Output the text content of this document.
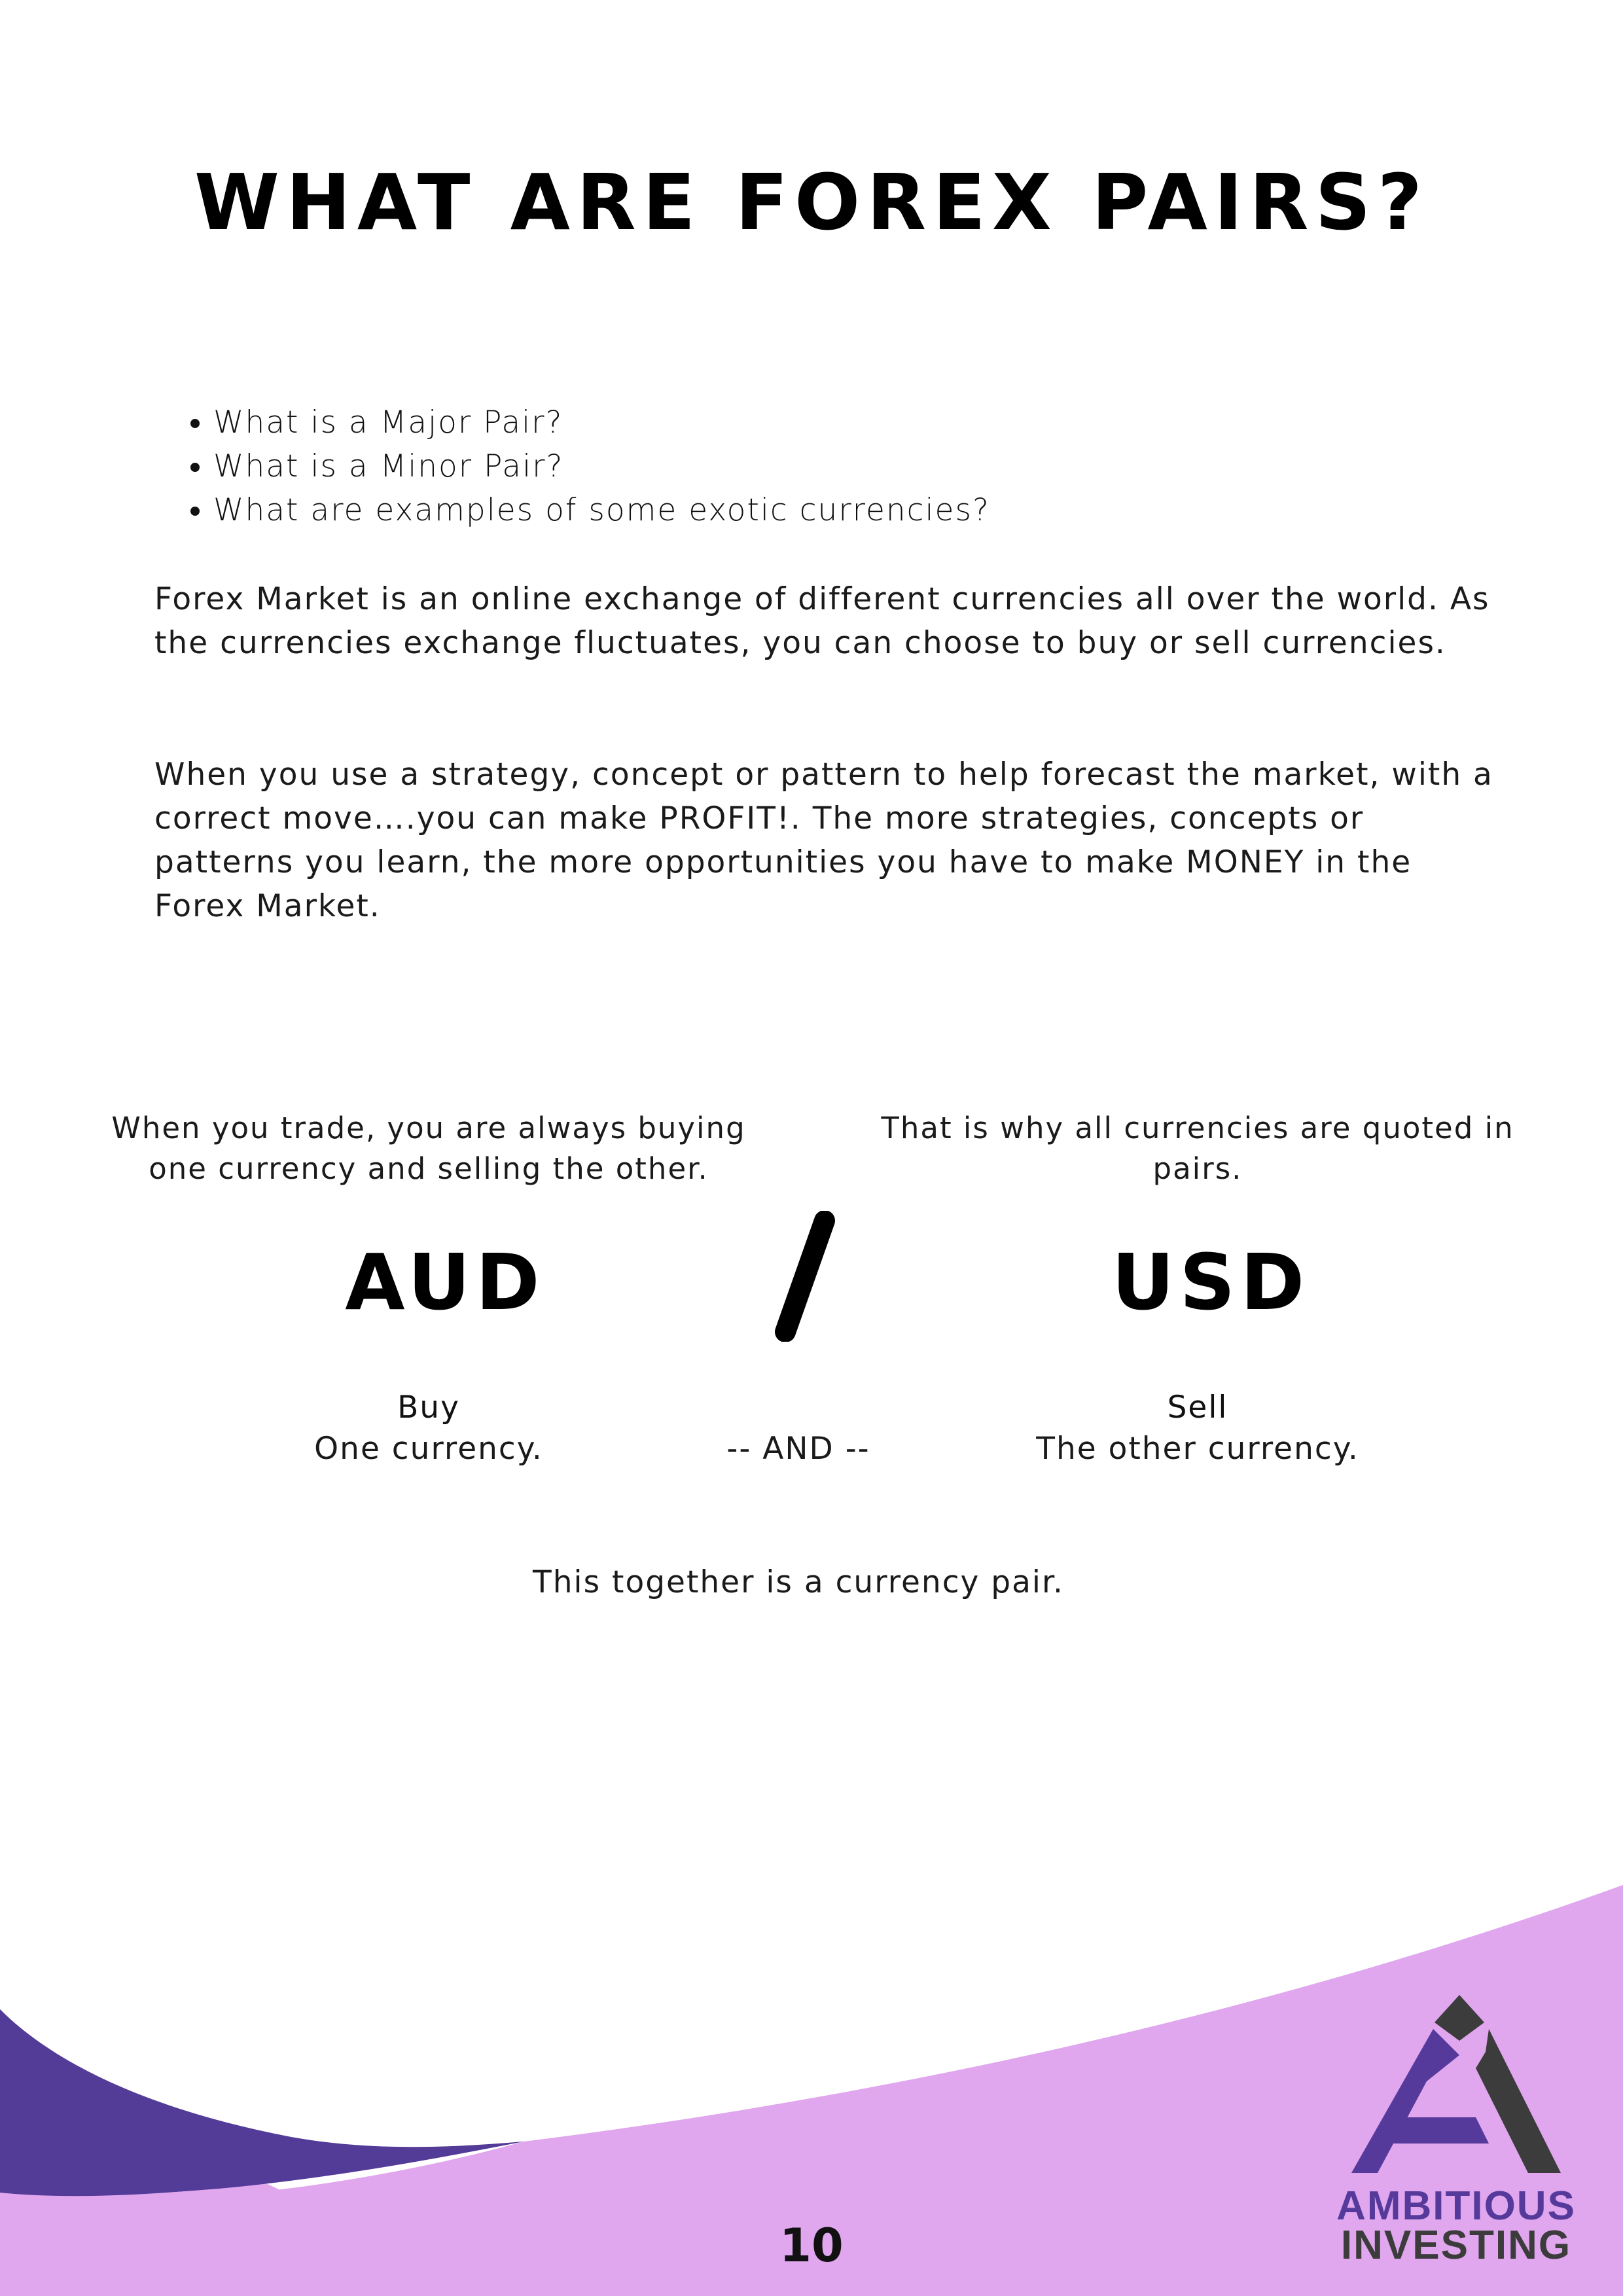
WHAT ARE FOREX PAIRS?
• What is a Major Pair?
• What is a Minor Pair?
• What are examples of some exotic currencies?

Forex Market is an online exchange of different currencies all over the world. As the currencies exchange fluctuates, you can choose to buy or sell currencies.

When you use a strategy, concept or pattern to help forecast the market, with a correct move….you can make PROFIT!. The more strategies, concepts or patterns you learn, the more opportunities you have to make MONEY in the Forex Market.

When you trade, you are always buying one currency and selling the other.

That is why all currencies are quoted in pairs.

AUD	USD

Buy

One currency.	-- AND --

Sell

The other currency.

This together is a currency pair.

10

AMBITIOUS

INVESTING
